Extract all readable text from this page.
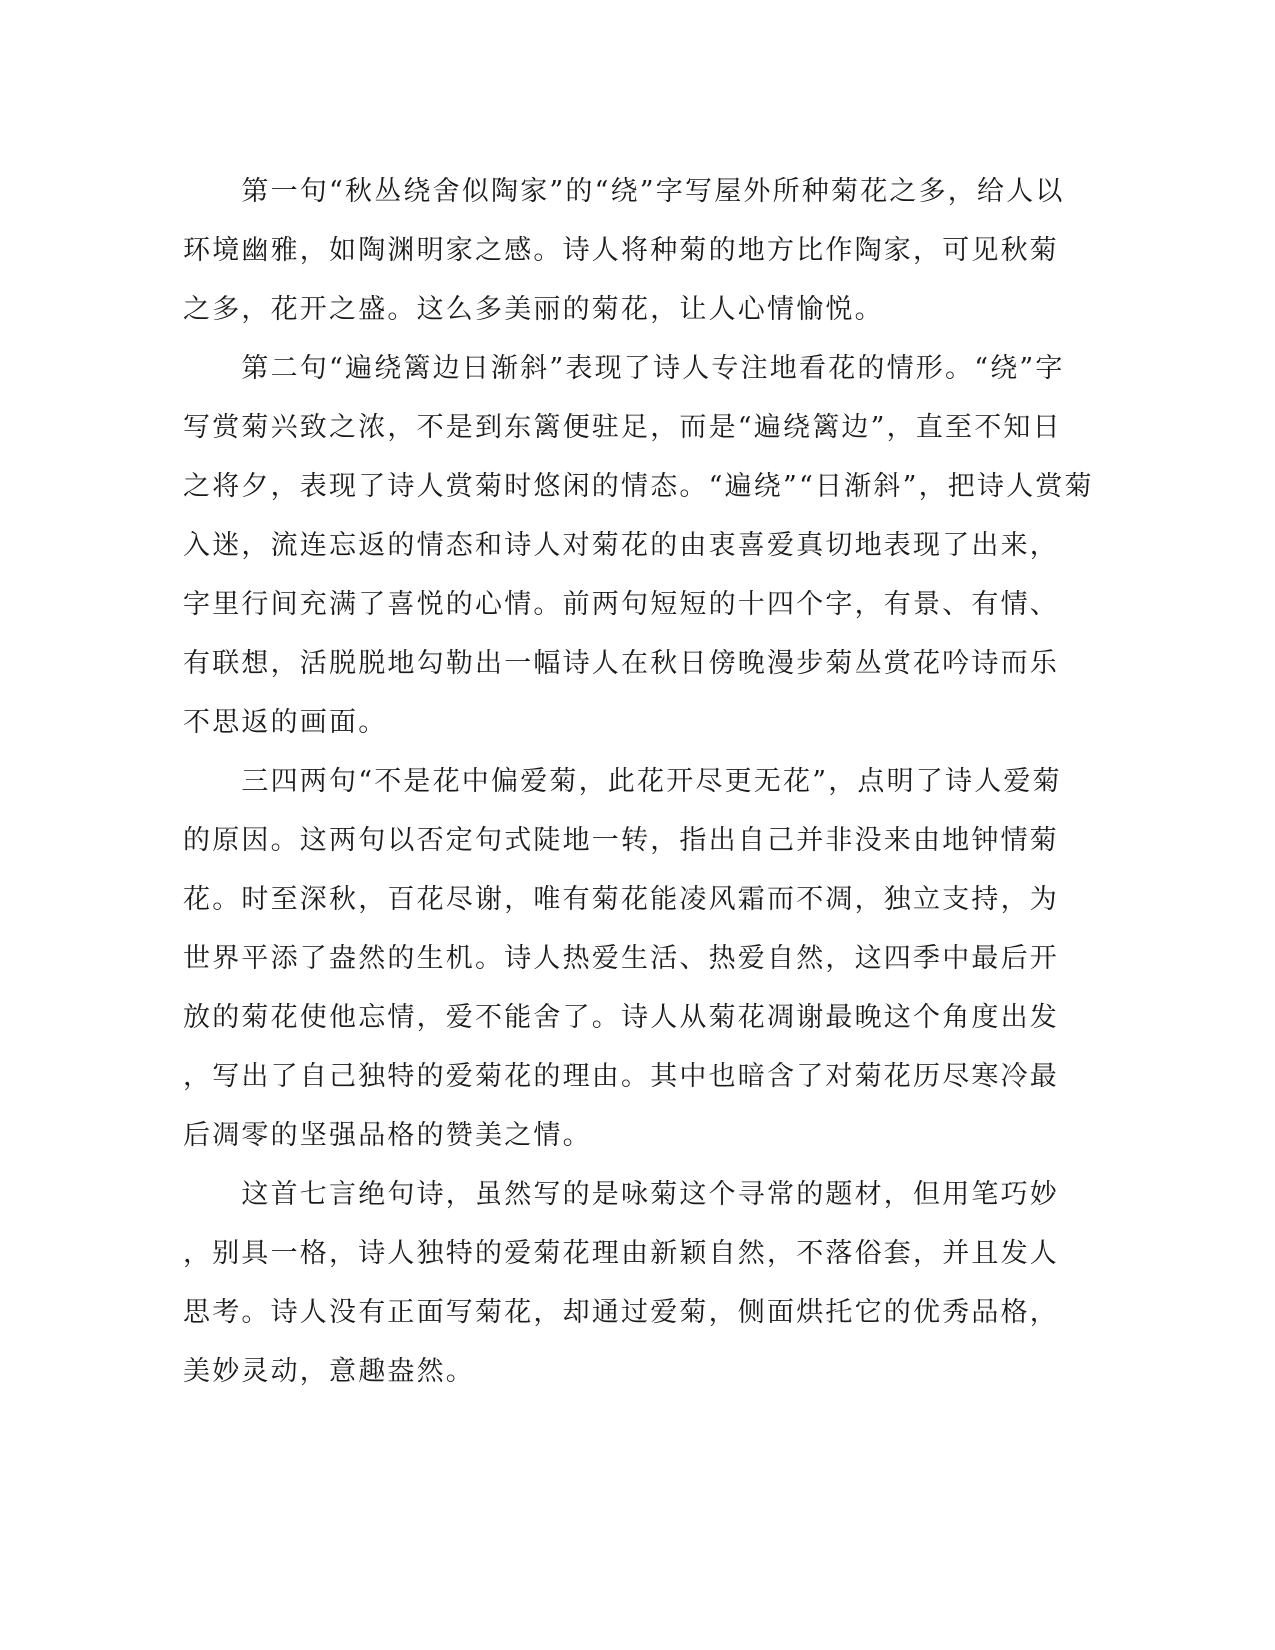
　　第一句“秋丛绕舍似陶家”的“绕”字写屋外所种菊花之多，给人以
环境幽雅，如陶渊明家之感。诗人将种菊的地方比作陶家，可见秋菊
之多，花开之盛。这么多美丽的菊花，让人心情愉悦。
　　第二句“遍绕篱边日渐斜”表现了诗人专注地看花的情形。“绕”字
写赏菊兴致之浓，不是到东篱便驻足，而是“遍绕篱边”，直至不知日
之将夕，表现了诗人赏菊时悠闲的情态。“遍绕”“日渐斜”，把诗人赏菊
入迷，流连忘返的情态和诗人对菊花的由衷喜爱真切地表现了出来，
字里行间充满了喜悦的心情。前两句短短的十四个字，有景、有情、
有联想，活脱脱地勾勒出一幅诗人在秋日傍晚漫步菊丛赏花吟诗而乐
不思返的画面。
　　三四两句“不是花中偏爱菊，此花开尽更无花”，点明了诗人爱菊
的原因。这两句以否定句式陡地一转，指出自己并非没来由地钟情菊
花。时至深秋，百花尽谢，唯有菊花能凌风霜而不凋，独立支持，为
世界平添了盎然的生机。诗人热爱生活、热爱自然，这四季中最后开
放的菊花使他忘情，爱不能舍了。诗人从菊花凋谢最晚这个角度出发
，写出了自己独特的爱菊花的理由。其中也暗含了对菊花历尽寒冷最
后凋零的坚强品格的赞美之情。
　　这首七言绝句诗，虽然写的是咏菊这个寻常的题材，但用笔巧妙
，别具一格，诗人独特的爱菊花理由新颖自然，不落俗套，并且发人
思考。诗人没有正面写菊花，却通过爱菊，侧面烘托它的优秀品格，
美妙灵动，意趣盎然。
